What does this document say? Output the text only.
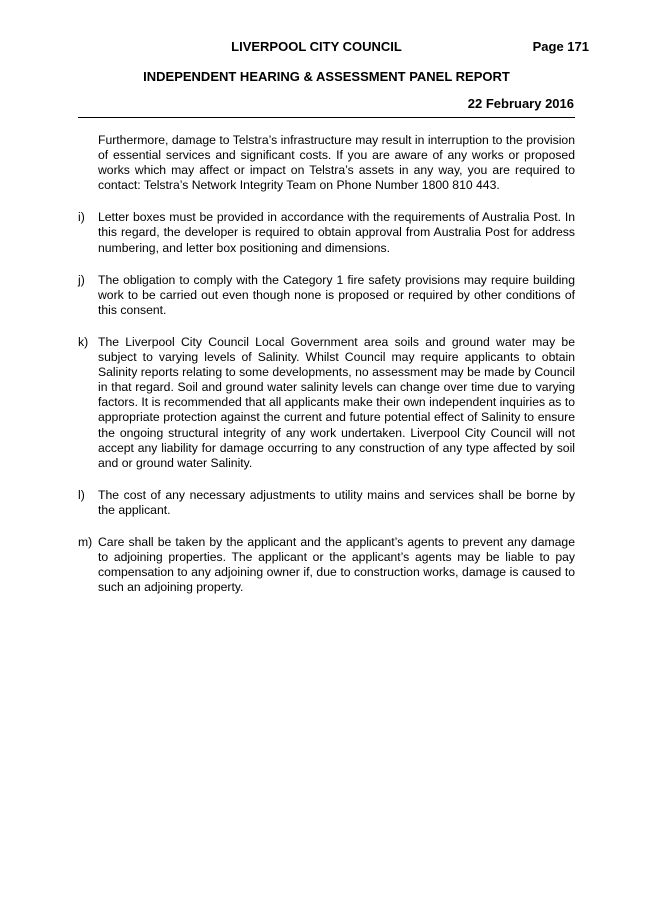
LIVERPOOL CITY COUNCIL	Page 171
INDEPENDENT HEARING & ASSESSMENT PANEL REPORT
22 February 2016

Furthermore, damage to Telstra’s infrastructure may result in interruption to the provision of essential services and significant costs. If you are aware of any works or proposed works which may affect or impact on Telstra’s assets in any way, you are required to contact: Telstra’s Network Integrity Team on Phone Number 1800 810 443.

i)	Letter boxes must be provided in accordance with the requirements of Australia Post. In this regard, the developer is required to obtain approval from Australia Post for address numbering, and letter box positioning and dimensions.
j)	The obligation to comply with the Category 1 fire safety provisions may require building work to be carried out even though none is proposed or required by other conditions of this consent.
k) The Liverpool City Council Local Government area soils and ground water may be subject to varying levels of Salinity. Whilst Council may require applicants to obtain Salinity reports relating to some developments, no assessment may be made by Council in that regard. Soil and ground water salinity levels can change over time due to varying factors. It is recommended that all applicants make their own independent inquiries as to appropriate protection against the current and future potential effect of Salinity to ensure the ongoing structural integrity of any work undertaken. Liverpool City Council will not accept any liability for damage occurring to any construction of any type affected by soil and or ground water Salinity.
l)	The cost of any necessary adjustments to utility mains and services shall be borne by the applicant.
m) Care shall be taken by the applicant and the applicant’s agents to prevent any damage to adjoining properties. The applicant or the applicant’s agents may be liable to pay compensation to any adjoining owner if, due to construction works, damage is caused to such an adjoining property.
